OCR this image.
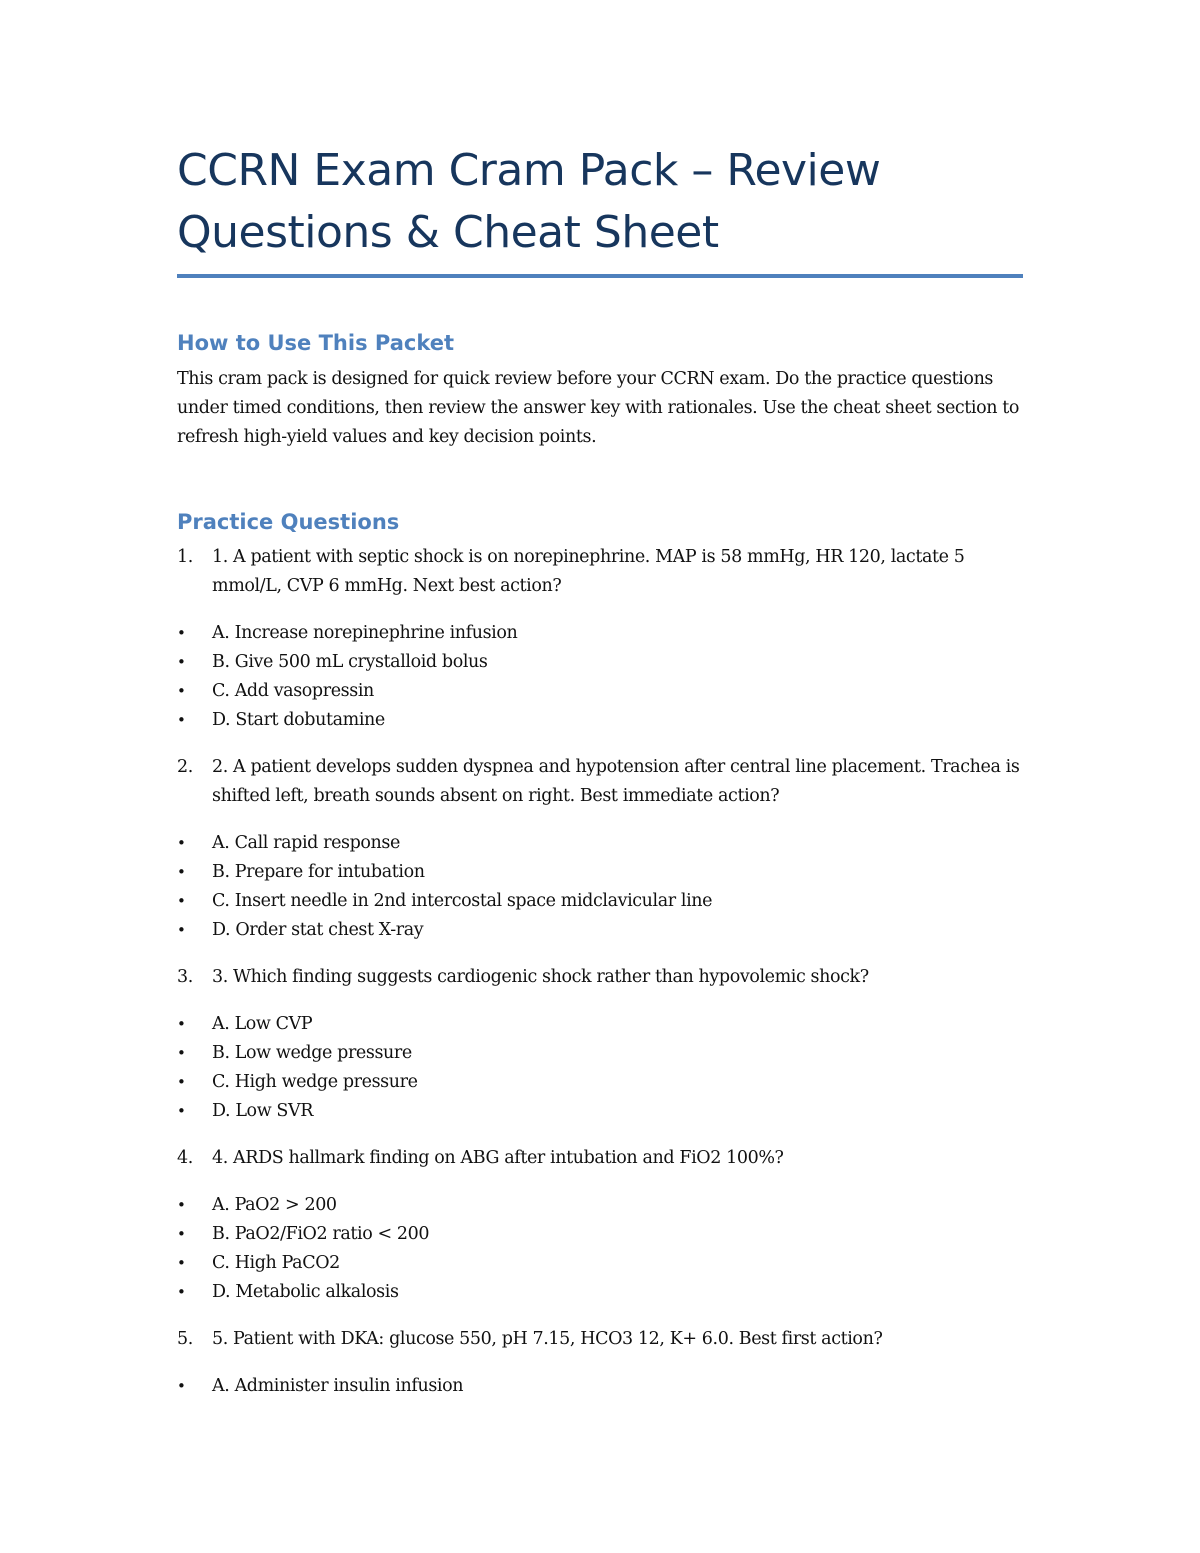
CCRN Exam Cram Pack – Review
Questions & Cheat Sheet
How to Use This Packet

This cram pack is designed for quick review before your CCRN exam. Do the practice questions under timed conditions, then review the answer key with rationales. Use the cheat sheet section to refresh high-yield values and key decision points.

Practice Questions
1. 1. A patient with septic shock is on norepinephrine. MAP is 58 mmHg, HR 120, lactate 5 mmol/L, CVP 6 mmHg. Next best action?
• A. Increase norepinephrine infusion
• B. Give 500 mL crystalloid bolus
• C. Add vasopressin
• D. Start dobutamine
2. 2. A patient develops sudden dyspnea and hypotension after central line placement. Trachea is shifted left, breath sounds absent on right. Best immediate action?
• A. Call rapid response
• B. Prepare for intubation
• C. Insert needle in 2nd intercostal space midclavicular line
• D. Order stat chest X-ray
3. 3. Which finding suggests cardiogenic shock rather than hypovolemic shock?
• A. Low CVP
• B. Low wedge pressure
• C. High wedge pressure
• D. Low SVR
4. 4. ARDS hallmark finding on ABG after intubation and FiO2 100%?
• A. PaO2 > 200
• B. PaO2/FiO2 ratio < 200
• C. High PaCO2
• D. Metabolic alkalosis
5. 5. Patient with DKA: glucose 550, pH 7.15, HCO3 12, K+ 6.0. Best first action?
• A. Administer insulin infusion
